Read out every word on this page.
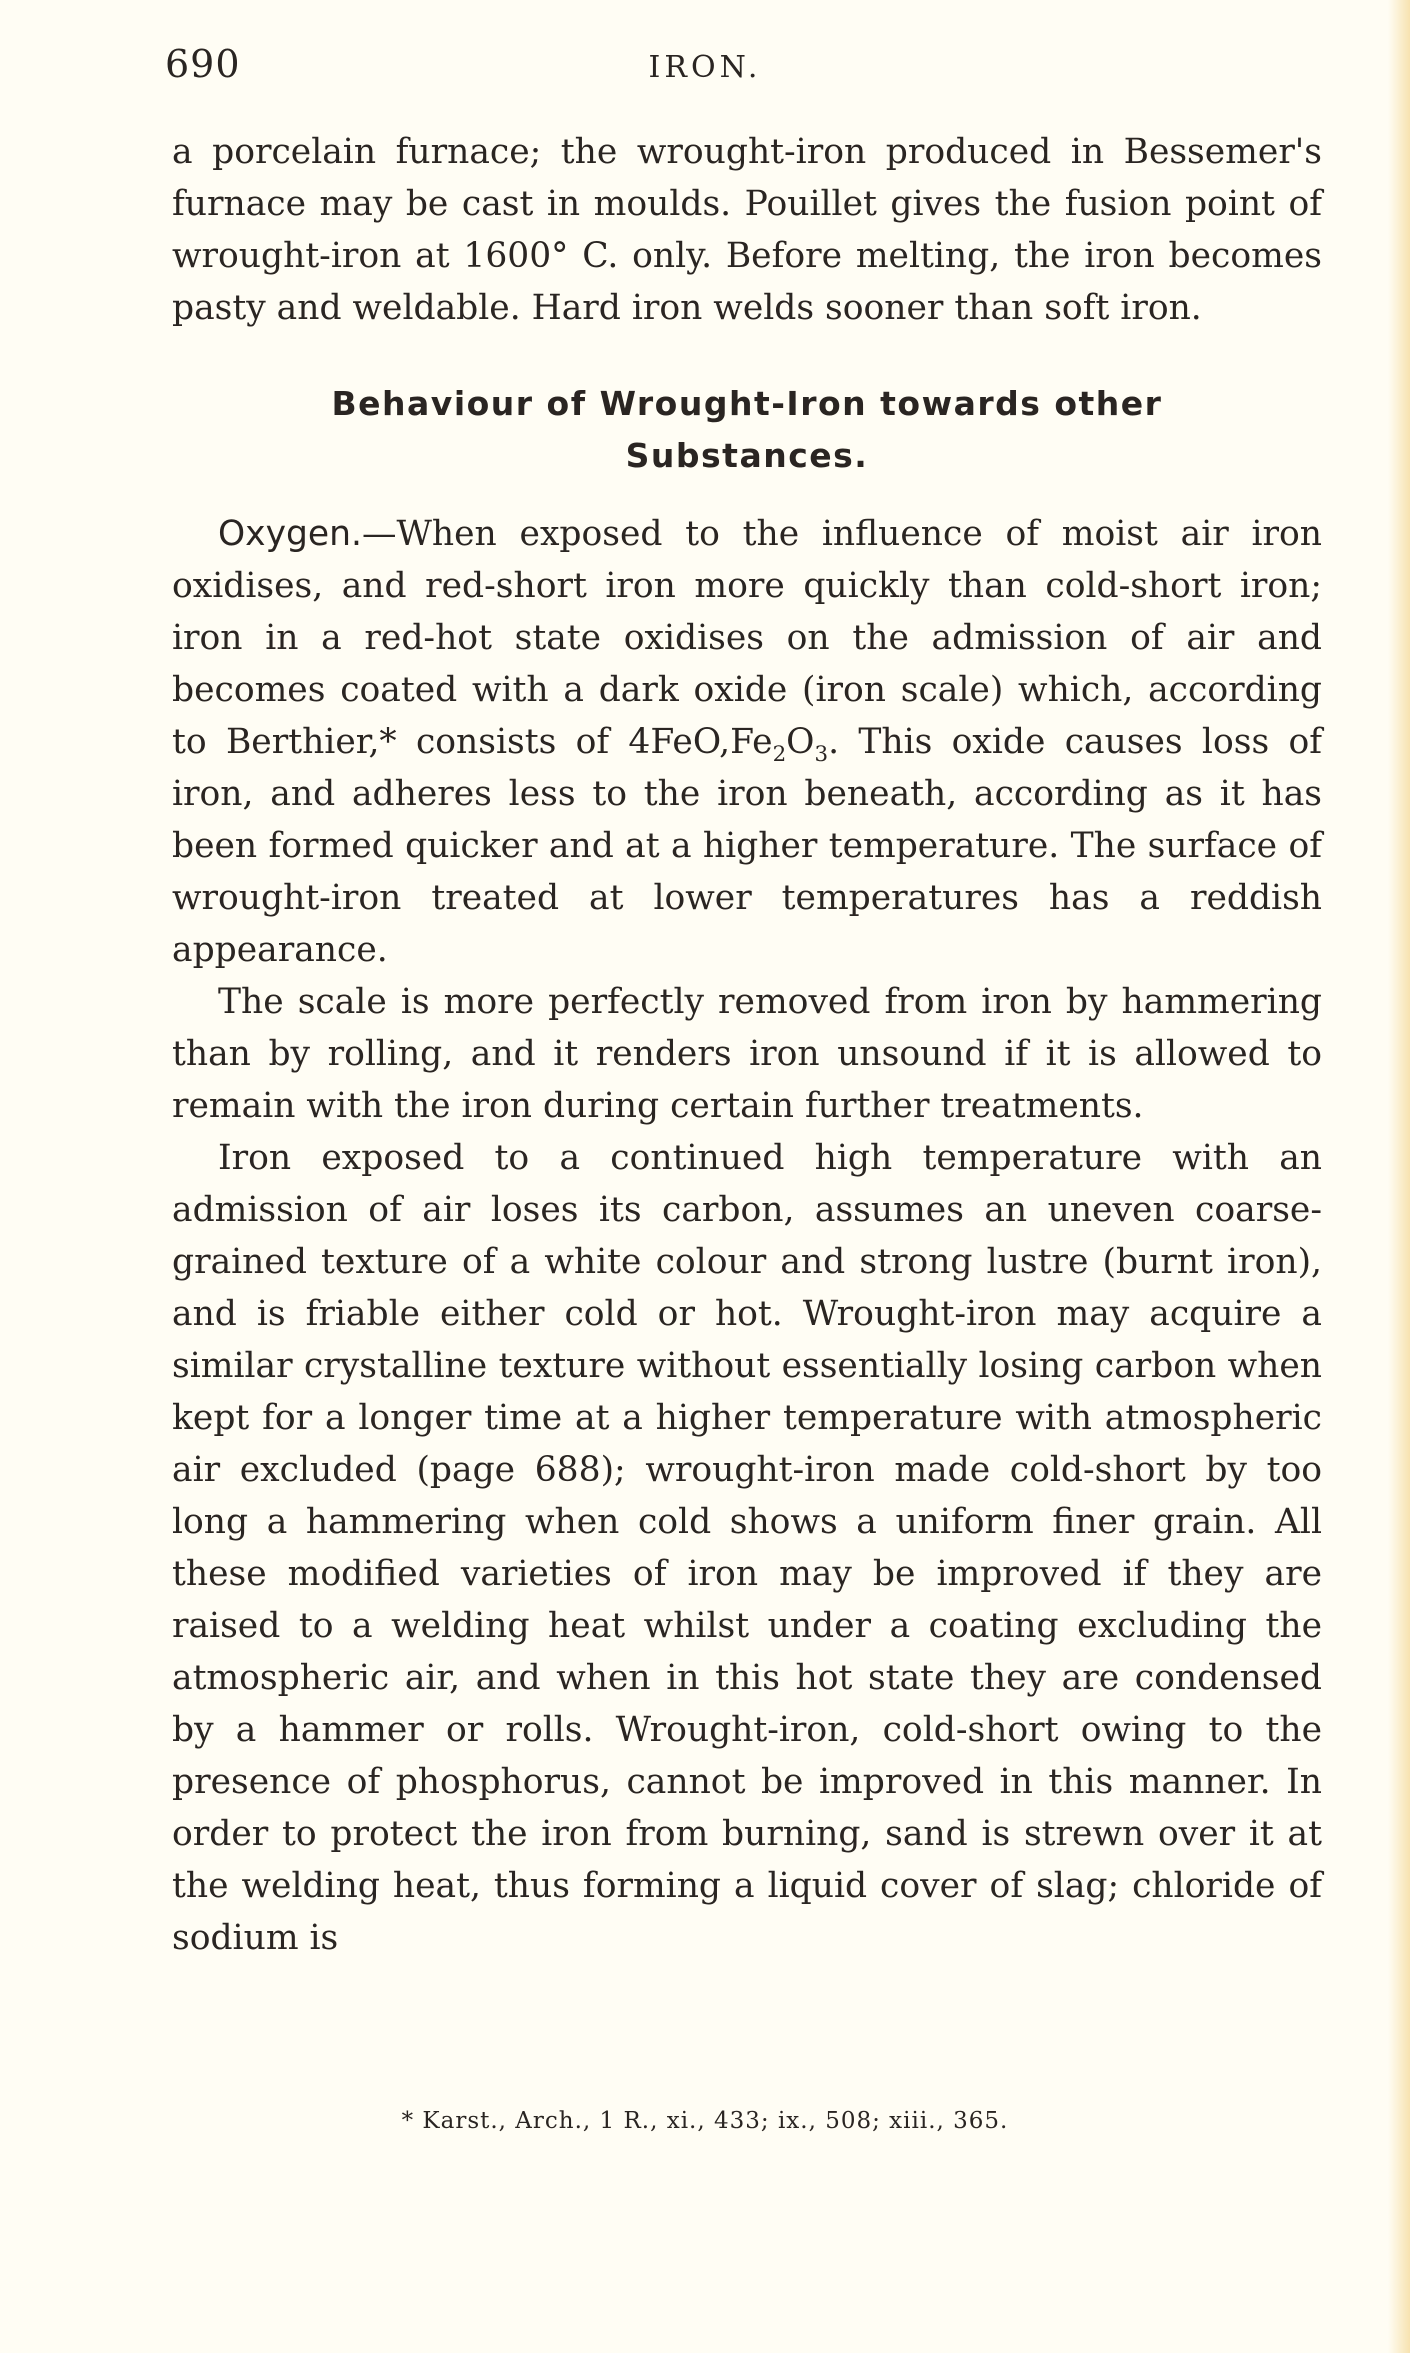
690	IRON.

a porcelain furnace; the wrought-iron produced in Bessemer's furnace may be cast in moulds. Pouillet gives the fusion point of wrought-iron at 1600° C. only. Before melting, the iron becomes pasty and weldable. Hard iron welds sooner than soft iron.

Behaviour of Wrought-Iron towards other Substances.

Oxygen.—When exposed to the influence of moist air iron oxidises, and red-short iron more quickly than cold-short iron; iron in a red-hot state oxidises on the admission of air and becomes coated with a dark oxide (iron scale) which, according to Berthier,* consists of $4FeO,Fe_2O_3$. This oxide causes loss of iron, and adheres less to the iron beneath, according as it has been formed quicker and at a higher temperature. The surface of wrought-iron treated at lower temperatures has a reddish appearance.

The scale is more perfectly removed from iron by hammering than by rolling, and it renders iron unsound if it is allowed to remain with the iron during certain further treatments.

Iron exposed to a continued high temperature with an admission of air loses its carbon, assumes an uneven coarse-grained texture of a white colour and strong lustre (burnt iron), and is friable either cold or hot. Wrought-iron may acquire a similar crystalline texture without essentially losing carbon when kept for a longer time at a higher temperature with atmospheric air excluded (page 688); wrought-iron made cold-short by too long a hammering when cold shows a uniform finer grain. All these modified varieties of iron may be improved if they are raised to a welding heat whilst under a coating excluding the atmospheric air, and when in this hot state they are condensed by a hammer or rolls. Wrought-iron, cold-short owing to the presence of phosphorus, cannot be improved in this manner. In order to protect the iron from burning, sand is strewn over it at the welding heat, thus forming a liquid cover of slag; chloride of sodium is

* Karst., Arch., 1 R., xi., 433; ix., 508; xiii., 365.
